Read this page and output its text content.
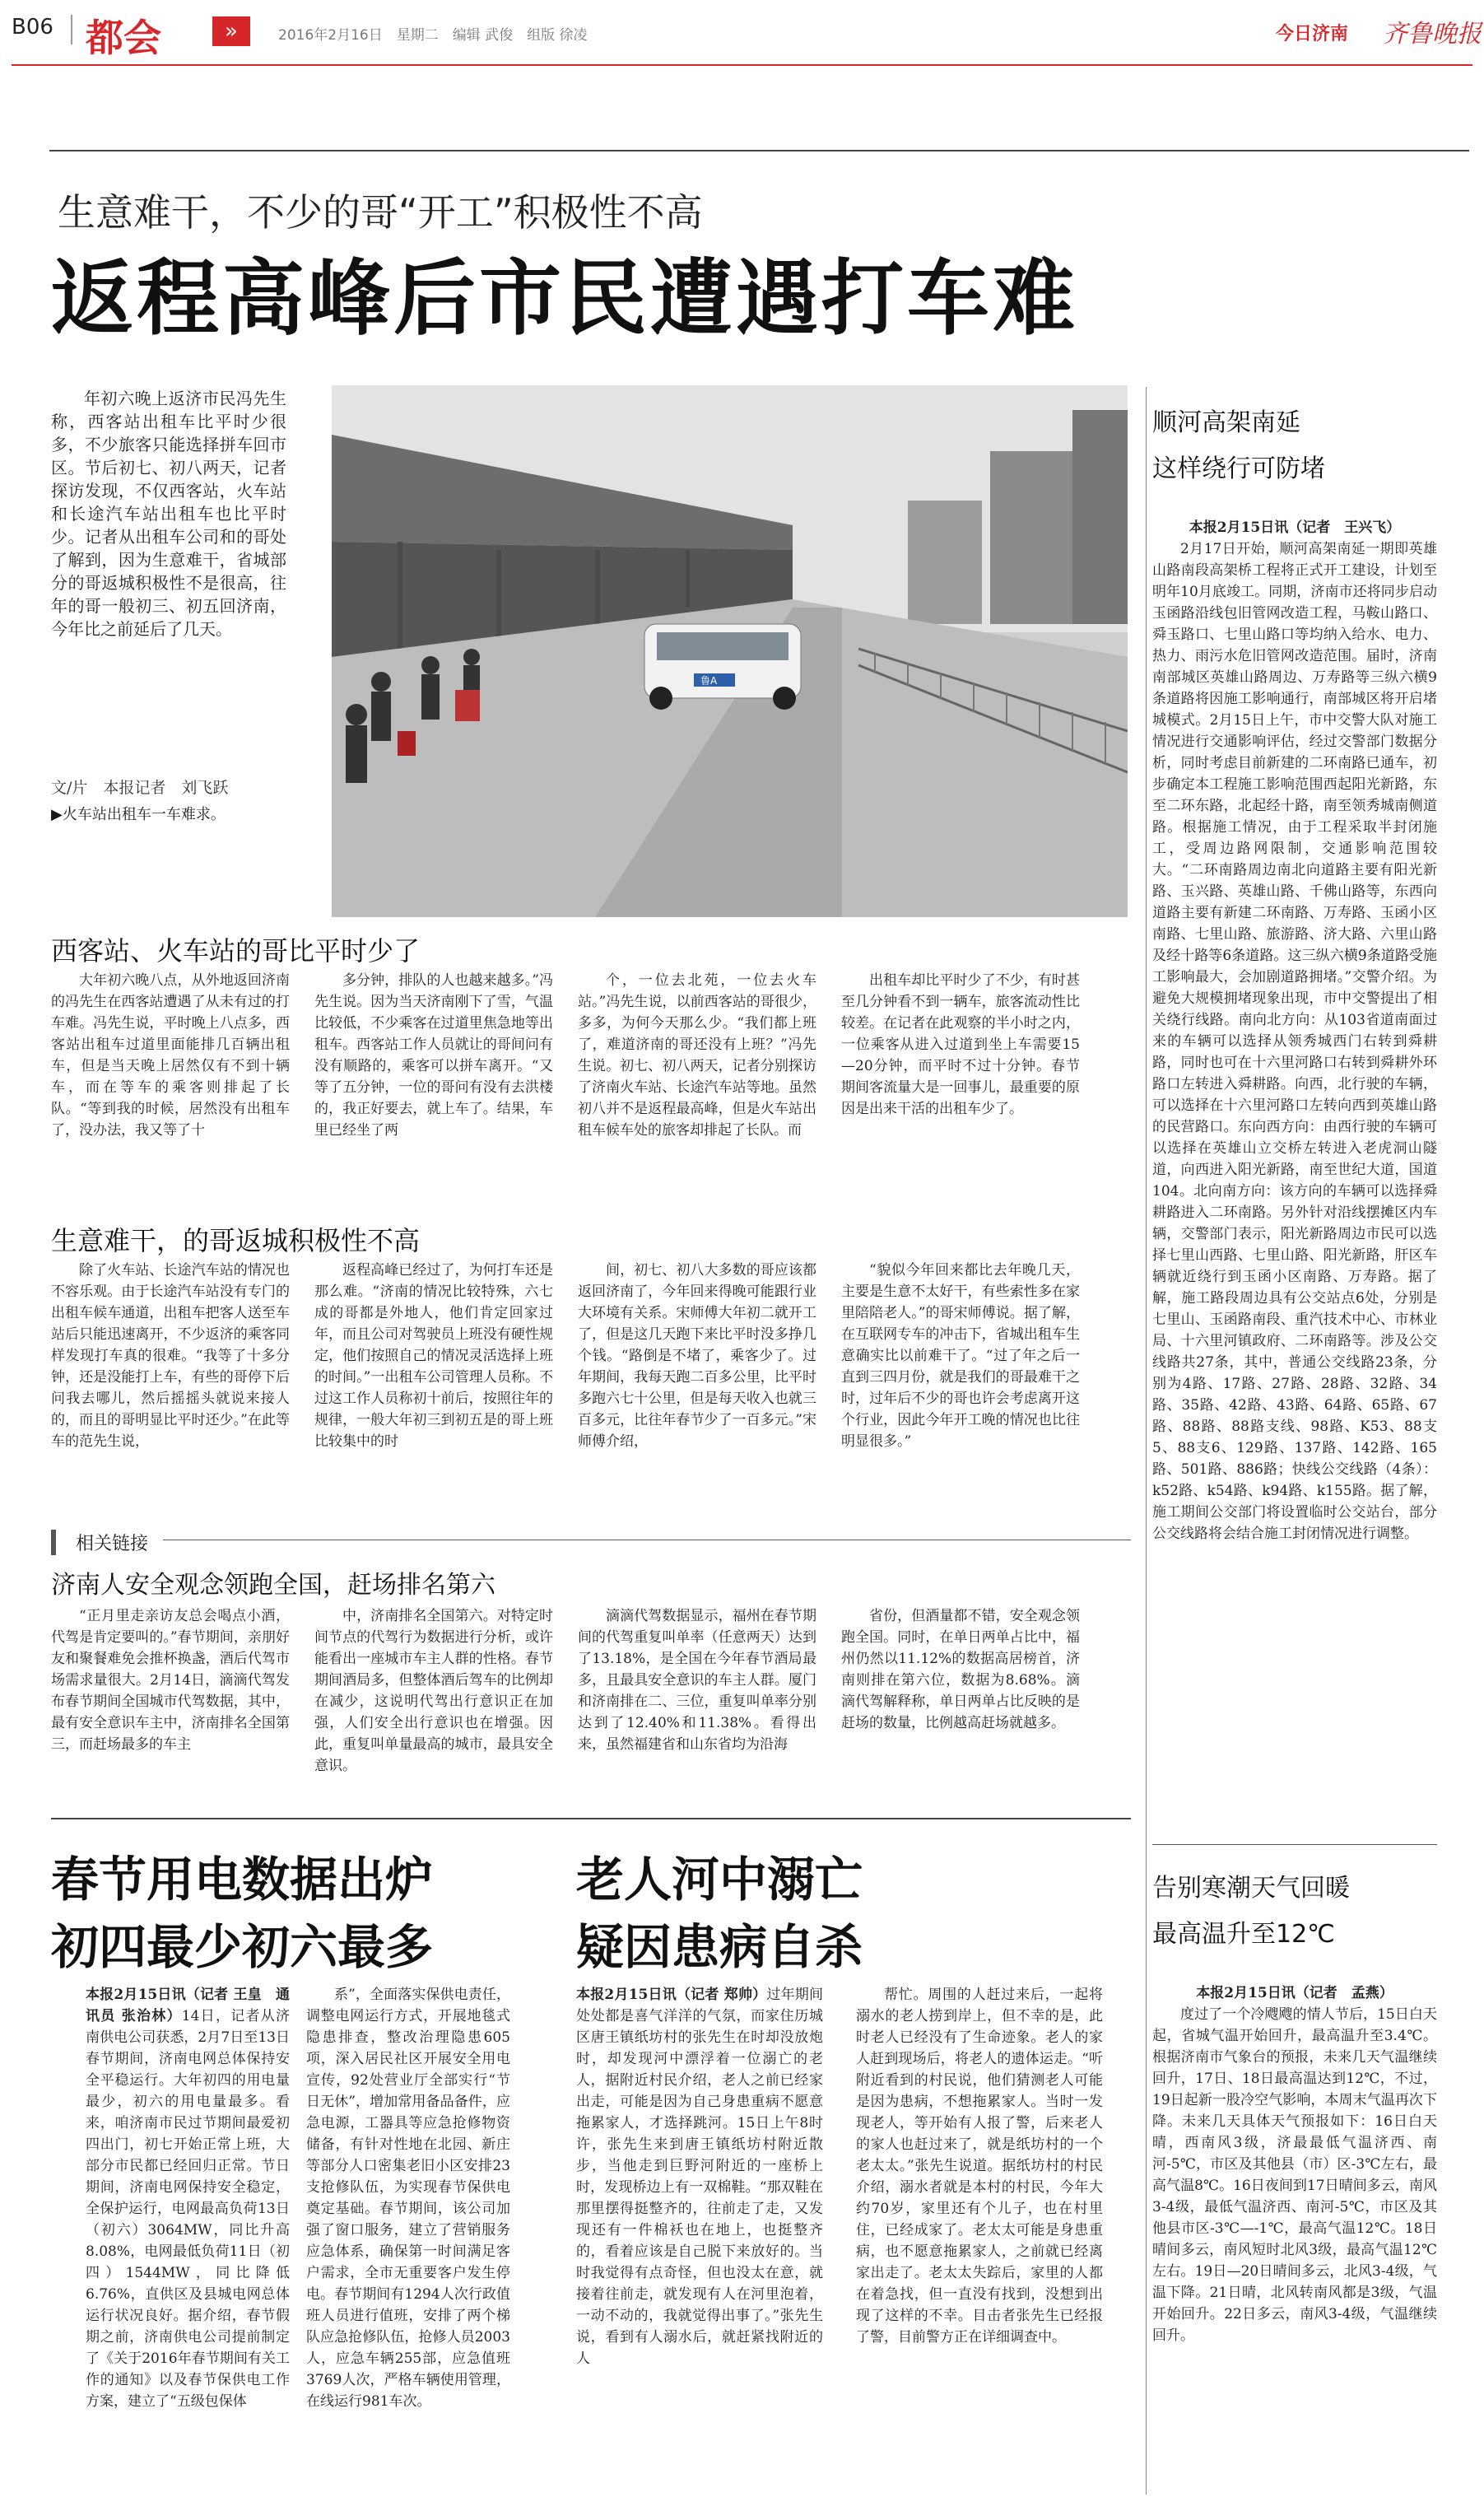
B06 都会	»	2016年2月16日　星期二　编辑 武俊　组版 徐凌	今日济南 齐鲁晚报
生意难干，不少的哥“开工”积极性不高
返程高峰后市民遭遇打车难

年初六晚上返济市民冯先生称，西客站出租车比平时少很多，不少旅客只能选择拼车回市区。节后初七、初八两天，记者探访发现，不仅西客站，火车站和长途汽车站出租车也比平时少。记者从出租车公司和的哥处了解到，因为生意难干，省城部分的哥返城积极性不是很高，往年的哥一般初三、初五回济南，今年比之前延后了几天。

文/片　本报记者　刘飞跃
▶火车站出租车一车难求。
鲁A
西客站、火车站的哥比平时少了

大年初六晚八点，从外地返回济南的冯先生在西客站遭遇了从未有过的打车难。冯先生说，平时晚上八点多，西客站出租车过道里面能排几百辆出租车，但是当天晚上居然仅有不到十辆车，而在等车的乘客则排起了长队。“等到我的时候，居然没有出租车了，没办法，我又等了十

多分钟，排队的人也越来越多。”冯先生说。因为当天济南刚下了雪，气温比较低，不少乘客在过道里焦急地等出租车。西客站工作人员就让的哥间问有没有顺路的，乘客可以拼车离开。“又等了五分钟，一位的哥问有没有去洪楼的，我正好要去，就上车了。结果，车里已经坐了两

个，一位去北苑，一位去火车站。”冯先生说，以前西客站的哥很少，多多，为何今天那么少。“我们都上班了，难道济南的哥还没有上班？”冯先生说。初七、初八两天，记者分别探访了济南火车站、长途汽车站等地。虽然初八并不是返程最高峰，但是火车站出租车候车处的旅客却排起了长队。而

出租车却比平时少了不少，有时甚至几分钟看不到一辆车，旅客流动性比较差。在记者在此观察的半小时之内，一位乘客从进入过道到坐上车需要15—20分钟，而平时不过十分钟。春节期间客流量大是一回事儿，最重要的原因是出来干活的出租车少了。

生意难干，的哥返城积极性不高

除了火车站、长途汽车站的情况也不容乐观。由于长途汽车站没有专门的出租车候车通道，出租车把客人送至车站后只能迅速离开，不少返济的乘客同样发现打车真的很难。“我等了十多分钟，还是没能打上车，有些的哥停下后问我去哪儿，然后摇摇头就说来接人的，而且的哥明显比平时还少。”在此等车的范先生说，

返程高峰已经过了，为何打车还是那么难。“济南的情况比较特殊，六七成的哥都是外地人，他们肯定回家过年，而且公司对驾驶员上班没有硬性规定，他们按照自己的情况灵活选择上班的时间。”一出租车公司管理人员称。不过这工作人员称初十前后，按照往年的规律，一般大年初三到初五是的哥上班比较集中的时

间，初七、初八大多数的哥应该都返回济南了，今年回来得晚可能跟行业大环境有关系。宋师傅大年初二就开工了，但是这几天跑下来比平时没多挣几个钱。“路倒是不堵了，乘客少了。过年期间，我每天跑二百多公里，比平时多跑六七十公里，但是每天收入也就三百多元，比往年春节少了一百多元。”宋师傅介绍，

“貌似今年回来都比去年晚几天，主要是生意不太好干，有些索性多在家里陪陪老人。”的哥宋师傅说。据了解，在互联网专车的冲击下，省城出租车生意确实比以前难干了。“过了年之后一直到三四月份，就是我们的哥最难干之时，过年后不少的哥也许会考虑离开这个行业，因此今年开工晚的情况也比往明显很多。”

相关链接
济南人安全观念领跑全国，赶场排名第六

“正月里走亲访友总会喝点小酒，代驾是肯定要叫的。”春节期间，亲朋好友和聚餐难免会推杯换盏，酒后代驾市场需求量很大。2月14日，滴滴代驾发布春节期间全国城市代驾数据，其中，最有安全意识车主中，济南排名全国第三，而赶场最多的车主

中，济南排名全国第六。对特定时间节点的代驾行为数据进行分析，或许能看出一座城市车主人群的性格。春节期间酒局多，但整体酒后驾车的比例却在减少，这说明代驾出行意识正在加强，人们安全出行意识也在增强。因此，重复叫单量最高的城市，最具安全意识。

滴滴代驾数据显示，福州在春节期间的代驾重复叫单率（任意两天）达到了13.18%，是全国在今年春节酒局最多，且最具安全意识的车主人群。厦门和济南排在二、三位，重复叫单率分别达到了12.40%和11.38%。看得出来，虽然福建省和山东省均为沿海

省份，但酒量都不错，安全观念领跑全国。同时，在单日两单占比中，福州仍然以11.12%的数据高居榜首，济南则排在第六位，数据为8.68%。滴滴代驾解释称，单日两单占比反映的是赶场的数量，比例越高赶场就越多。

春节用电数据出炉
初四最少初六最多

本报2月15日讯（记者 王皇　通讯员 张治林）14日，记者从济南供电公司获悉，2月7日至13日春节期间，济南电网总体保持安全平稳运行。大年初四的用电量最少，初六的用电量最多。看来，咱济南市民过节期间最爱初四出门，初七开始正常上班，大部分市民都已经回归正常。节日期间，济南电网保持安全稳定，全保护运行，电网最高负荷13日（初六）3064MW，同比升高8.08%，电网最低负荷11日（初四）1544MW，同比降低6.76%，直供区及县城电网总体运行状况良好。据介绍，春节假期之前，济南供电公司提前制定了《关于2016年春节期间有关工作的通知》以及春节保供电工作方案，建立了“五级包保体

系”，全面落实保供电责任，调整电网运行方式，开展地毯式隐患排查，整改治理隐患605项，深入居民社区开展安全用电宣传，92处营业厅全部实行“节日无休”，增加常用备品备件，应急电源，工器具等应急抢修物资储备，有针对性地在北园、新庄等部分人口密集老旧小区安排23支抢修队伍，为实现春节保供电奠定基础。春节期间，该公司加强了窗口服务，建立了营销服务应急体系，确保第一时间满足客户需求，全市无重要客户发生停电。春节期间有1294人次行政值班人员进行值班，安排了两个梯队应急抢修队伍，抢修人员2003人，应急车辆255部，应急值班3769人次，严格车辆使用管理，在线运行981车次。

老人河中溺亡
疑因患病自杀

本报2月15日讯（记者 郑帅）过年期间处处都是喜气洋洋的气氛，而家住历城区唐王镇纸坊村的张先生在时却没放炮时，却发现河中漂浮着一位溺亡的老人，据附近村民介绍，老人之前已经家出走，可能是因为自己身患重病不愿意拖累家人，才选择跳河。15日上午8时许，张先生来到唐王镇纸坊村附近散步，当他走到巨野河附近的一座桥上时，发现桥边上有一双棉鞋。“那双鞋在那里摆得挺整齐的，往前走了走，又发现还有一件棉袄也在地上，也挺整齐的，看着应该是自己脱下来放好的。当时我觉得有点奇怪，但也没太在意，就接着往前走，就发现有人在河里泡着，一动不动的，我就觉得出事了。”张先生说，看到有人溺水后，就赶紧找附近的人

帮忙。周围的人赶过来后，一起将溺水的老人捞到岸上，但不幸的是，此时老人已经没有了生命迹象。老人的家人赶到现场后，将老人的遗体运走。“听附近看到的村民说，他们猜测老人可能是因为患病，不想拖累家人。当时一发现老人，等开始有人报了警，后来老人的家人也赶过来了，就是纸坊村的一个老太太。”张先生说道。据纸坊村的村民介绍，溺水者就是本村的村民，今年大约70岁，家里还有个儿子，也在村里住，已经成家了。老太太可能是身患重病，也不愿意拖累家人，之前就已经离家出走了。老太太失踪后，家里的人都在着急找，但一直没有找到，没想到出现了这样的不幸。目击者张先生已经报了警，目前警方正在详细调查中。

顺河高架南延
这样绕行可防堵

本报2月15日讯（记者　王兴飞）

2月17日开始，顺河高架南延一期即英雄山路南段高架桥工程将正式开工建设，计划至明年10月底竣工。同期，济南市还将同步启动玉函路沿线包旧管网改造工程，马鞍山路口、舜玉路口、七里山路口等均纳入给水、电力、热力、雨污水危旧管网改造范围。届时，济南南部城区英雄山路周边、万寿路等三纵六横9条道路将因施工影响通行，南部城区将开启堵城模式。2月15日上午，市中交警大队对施工情况进行交通影响评估，经过交警部门数据分析，同时考虑目前新建的二环南路已通车，初步确定本工程施工影响范围西起阳光新路，东至二环东路，北起经十路，南至领秀城南侧道路。根据施工情况，由于工程采取半封闭施工，受周边路网限制，交通影响范围较大。“二环南路周边南北向道路主要有阳光新路、玉兴路、英雄山路、千佛山路等，东西向道路主要有新建二环南路、万寿路、玉函小区南路、七里山路、旅游路、济大路、六里山路及经十路等6条道路。这三纵六横9条道路受施工影响最大，会加剧道路拥堵。”交警介绍。为避免大规模拥堵现象出现，市中交警提出了相关绕行线路。南向北方向：从103省道南面过来的车辆可以选择从领秀城西门右转到舜耕路，同时也可在十六里河路口右转到舜耕外环路口左转进入舜耕路。向西，北行驶的车辆，可以选择在十六里河路口左转向西到英雄山路的民营路口。东向西方向：由西行驶的车辆可以选择在英雄山立交桥左转进入老虎洞山隧道，向西进入阳光新路，南至世纪大道，国道104。北向南方向：该方向的车辆可以选择舜耕路进入二环南路。另外针对沿线摆摊区内车辆，交警部门表示，阳光新路周边市民可以选择七里山西路、七里山路、阳光新路，肝区车辆就近绕行到玉函小区南路、万寿路。据了解，施工路段周边具有公交站点6处，分别是七里山、玉函路南段、重汽技术中心、市林业局、十六里河镇政府、二环南路等。涉及公交线路共27条，其中，普通公交线路23条，分别为4路、17路、27路、28路、32路、34路、35路、42路、43路、64路、65路、67路、88路、88路支线、98路、K53、88支5、88支6、129路、137路、142路、165路、501路、886路；快线公交线路（4条）：k52路、k54路、k94路、k155路。据了解，施工期间公交部门将设置临时公交站台，部分公交线路将会结合施工封闭情况进行调整。

告别寒潮天气回暖
最高温升至12℃

本报2月15日讯（记者　孟燕）

度过了一个冷飕飕的情人节后，15日白天起，省城气温开始回升，最高温升至3.4℃。根据济南市气象台的预报，未来几天气温继续回升，17日、18日最高温达到12℃，不过，19日起新一股冷空气影响，本周末气温再次下降。未来几天具体天气预报如下：16日白天晴，西南风3级，济最最低气温济西、南河-5℃，市区及其他县（市）区-3℃左右，最高气温8℃。16日夜间到17日晴间多云，南风3-4级，最低气温济西、南河-5℃，市区及其他县市区-3℃—-1℃，最高气温12℃。18日晴间多云，南风短时北风3级，最高气温12℃左右。19日—20日晴间多云，北风3-4级，气温下降。21日晴，北风转南风都是3级，气温开始回升。22日多云，南风3-4级，气温继续回升。
